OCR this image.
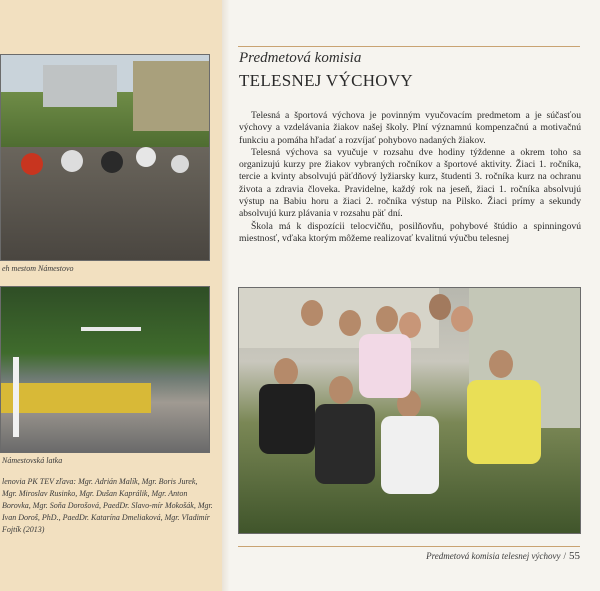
eh mestom Námestovo
Námestovská latka
lenovia PK TEV zľava: Mgr. Adrián Malík, Mgr. Boris Jurek, Mgr. Miroslav Rusinko, Mgr. Dušan Kaprálik, Mgr. Anton Borovka, Mgr. Soňa Dorošová, PaedDr. Slavo-mír Mokošák, Mgr. Ivan Doroš, PhD., PaedDr. Katarína Dmeliaková, Mgr. Vladimír Fojtík (2013)
Predmetová komisia
TELESNEJ VÝCHOVY

Telesná a športová výchova je povinným vyučovacím predmetom a je súčasťou výchovy a vzdelávania žiakov našej školy. Plní významnú kompenzačnú a motivačnú funkciu a pomáha hľadať a rozvíjať pohybovo nadaných žiakov.

Telesná výchova sa vyučuje v rozsahu dve hodiny týždenne a okrem toho sa organizujú kurzy pre žiakov vybraných ročníkov a športové aktivity. Žiaci 1. ročníka, tercie a kvinty absolvujú päťdňový lyžiarsky kurz, študenti 3. ročníka kurz na ochranu života a zdravia človeka. Pravidelne, každý rok na jeseň, žiaci 1. ročníka absolvujú výstup na Babiu horu a žiaci 2. ročníka výstup na Pilsko. Žiaci prímy a sekundy absolvujú kurz plávania v rozsahu päť dní.

Škola má k dispozícii telocvičňu, posilňovňu, pohybové štúdio a spinningovú miestnosť, vďaka ktorým môžeme realizovať kvalitnú výučbu telesnej

Predmetová komisia telesnej výchovy / 55
